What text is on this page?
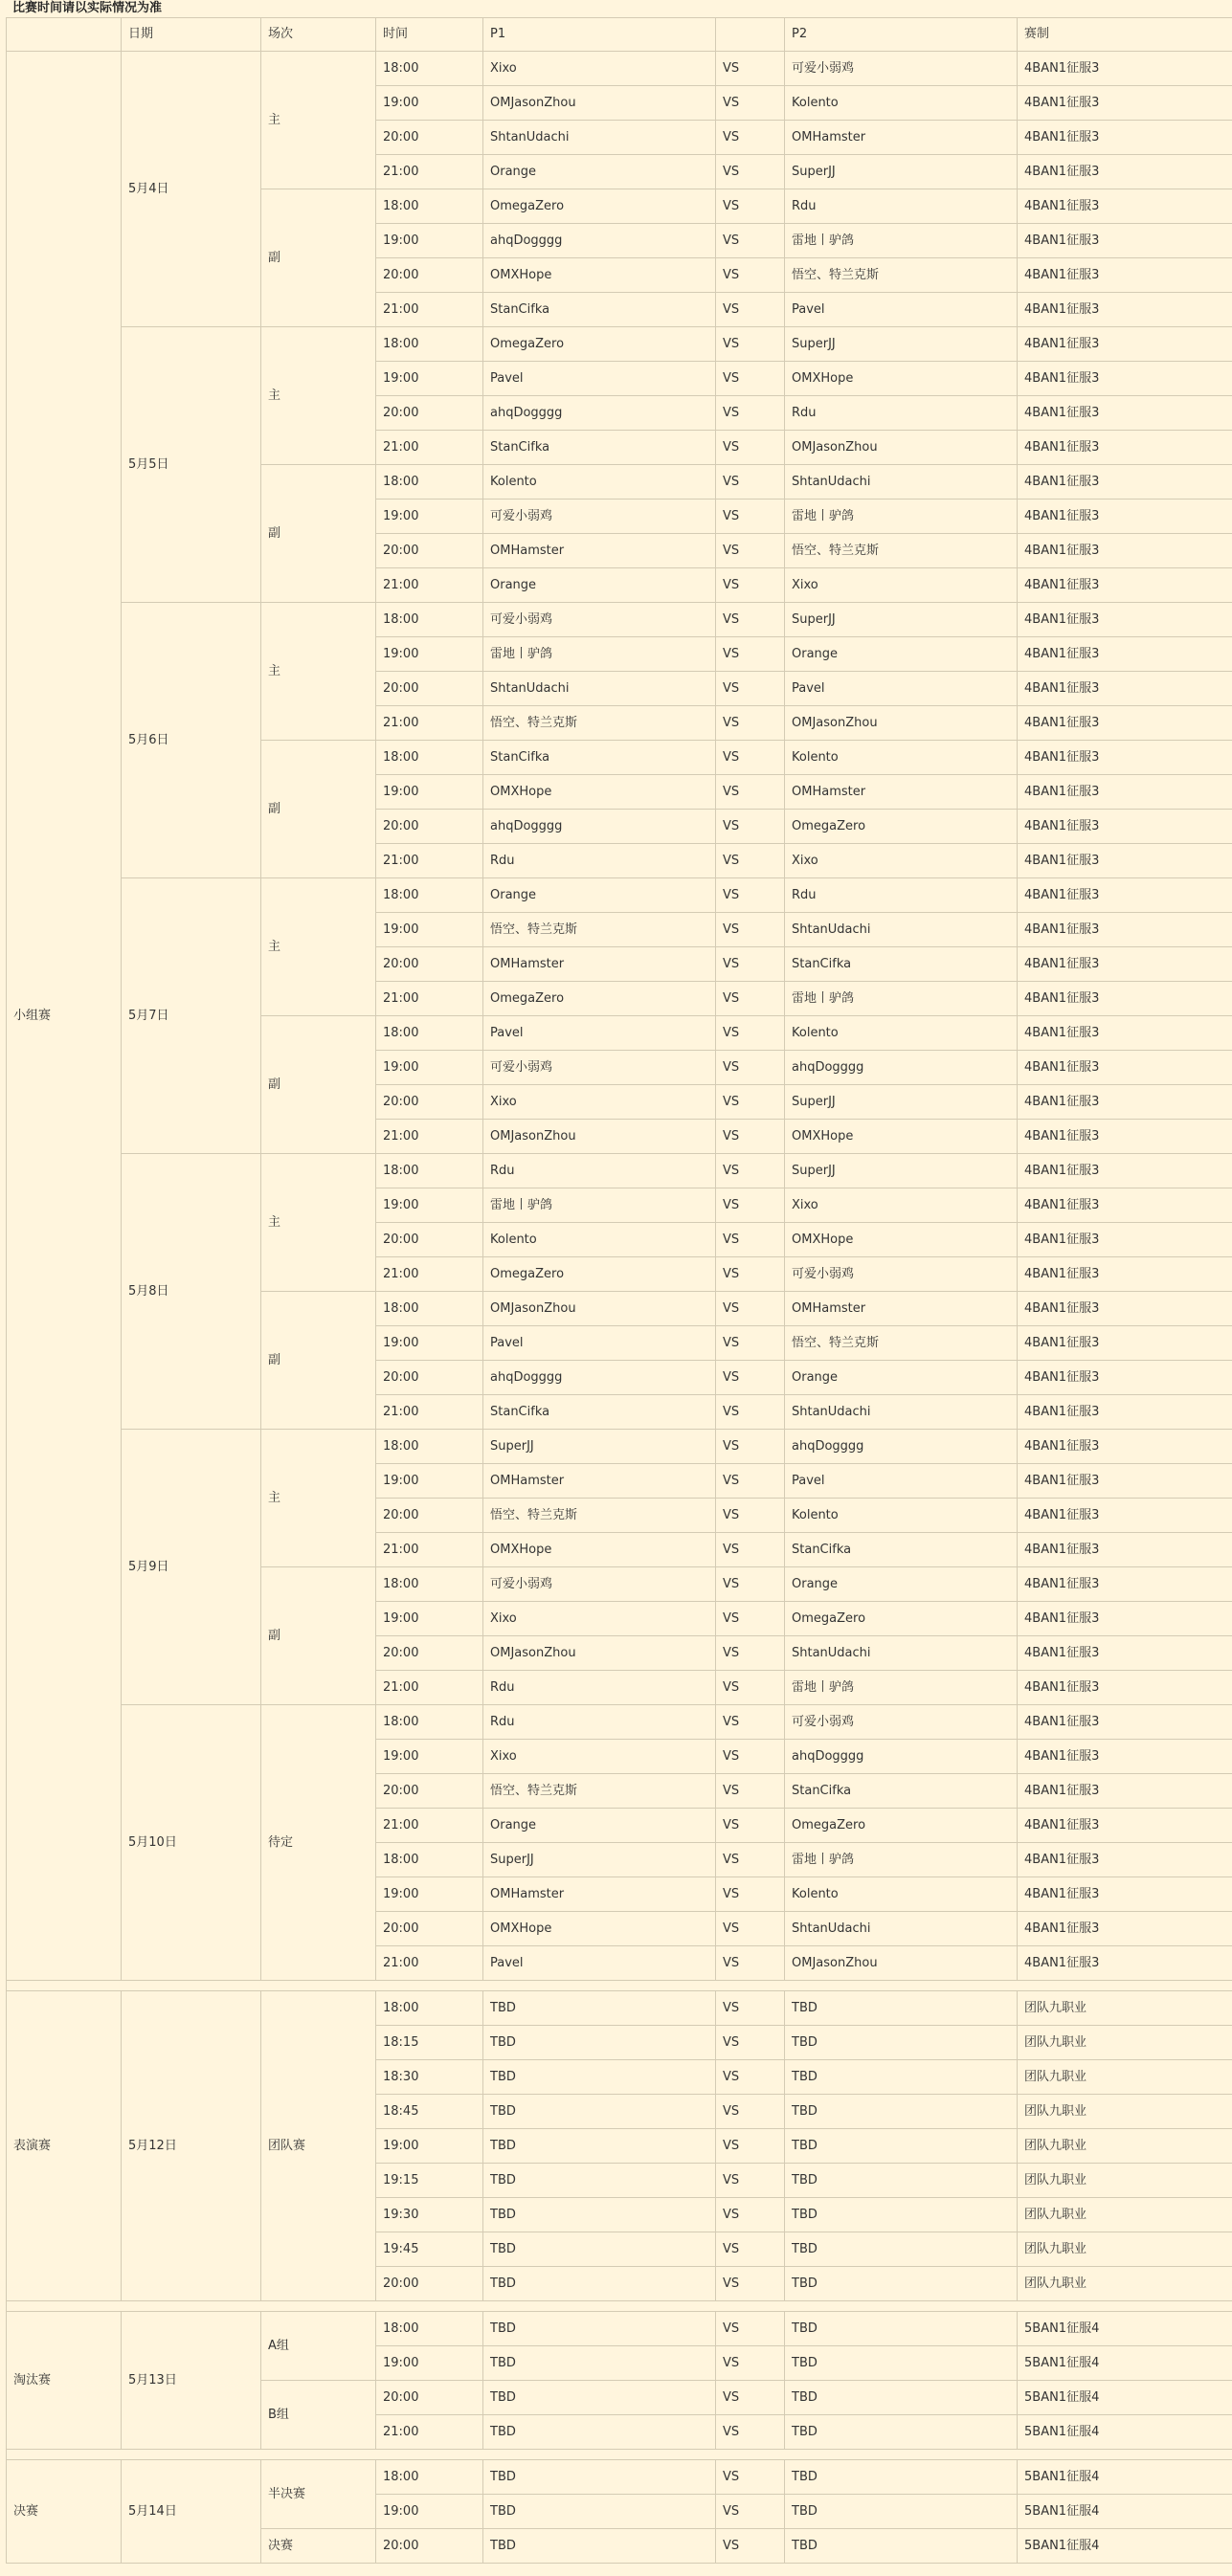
比赛时间请以实际情况为准
	日期	场次	时间	P1		P2	赛制
小组赛	5月4日	主	18:00	Xixo	VS	可爱小弱鸡	4BAN1征服3
			19:00	OMJasonZhou	VS	Kolento	4BAN1征服3
			20:00	ShtanUdachi	VS	OMHamster	4BAN1征服3
			21:00	Orange	VS	SuperJJ	4BAN1征服3
		副	18:00	OmegaZero	VS	Rdu	4BAN1征服3
			19:00	ahqDogggg	VS	雷地丨驴鸽	4BAN1征服3
			20:00	OMXHope	VS	悟空、特兰克斯	4BAN1征服3
			21:00	StanCifka	VS	Pavel	4BAN1征服3
	5月5日	主	18:00	OmegaZero	VS	SuperJJ	4BAN1征服3
			19:00	Pavel	VS	OMXHope	4BAN1征服3
			20:00	ahqDogggg	VS	Rdu	4BAN1征服3
			21:00	StanCifka	VS	OMJasonZhou	4BAN1征服3
		副	18:00	Kolento	VS	ShtanUdachi	4BAN1征服3
			19:00	可爱小弱鸡	VS	雷地丨驴鸽	4BAN1征服3
			20:00	OMHamster	VS	悟空、特兰克斯	4BAN1征服3
			21:00	Orange	VS	Xixo	4BAN1征服3
	5月6日	主	18:00	可爱小弱鸡	VS	SuperJJ	4BAN1征服3
			19:00	雷地丨驴鸽	VS	Orange	4BAN1征服3
			20:00	ShtanUdachi	VS	Pavel	4BAN1征服3
			21:00	悟空、特兰克斯	VS	OMJasonZhou	4BAN1征服3
		副	18:00	StanCifka	VS	Kolento	4BAN1征服3
			19:00	OMXHope	VS	OMHamster	4BAN1征服3
			20:00	ahqDogggg	VS	OmegaZero	4BAN1征服3
			21:00	Rdu	VS	Xixo	4BAN1征服3
	5月7日	主	18:00	Orange	VS	Rdu	4BAN1征服3
			19:00	悟空、特兰克斯	VS	ShtanUdachi	4BAN1征服3
			20:00	OMHamster	VS	StanCifka	4BAN1征服3
			21:00	OmegaZero	VS	雷地丨驴鸽	4BAN1征服3
		副	18:00	Pavel	VS	Kolento	4BAN1征服3
			19:00	可爱小弱鸡	VS	ahqDogggg	4BAN1征服3
			20:00	Xixo	VS	SuperJJ	4BAN1征服3
			21:00	OMJasonZhou	VS	OMXHope	4BAN1征服3
	5月8日	主	18:00	Rdu	VS	SuperJJ	4BAN1征服3
			19:00	雷地丨驴鸽	VS	Xixo	4BAN1征服3
			20:00	Kolento	VS	OMXHope	4BAN1征服3
			21:00	OmegaZero	VS	可爱小弱鸡	4BAN1征服3
		副	18:00	OMJasonZhou	VS	OMHamster	4BAN1征服3
			19:00	Pavel	VS	悟空、特兰克斯	4BAN1征服3
			20:00	ahqDogggg	VS	Orange	4BAN1征服3
			21:00	StanCifka	VS	ShtanUdachi	4BAN1征服3
	5月9日	主	18:00	SuperJJ	VS	ahqDogggg	4BAN1征服3
			19:00	OMHamster	VS	Pavel	4BAN1征服3
			20:00	悟空、特兰克斯	VS	Kolento	4BAN1征服3
			21:00	OMXHope	VS	StanCifka	4BAN1征服3
		副	18:00	可爱小弱鸡	VS	Orange	4BAN1征服3
			19:00	Xixo	VS	OmegaZero	4BAN1征服3
			20:00	OMJasonZhou	VS	ShtanUdachi	4BAN1征服3
			21:00	Rdu	VS	雷地丨驴鸽	4BAN1征服3
	5月10日	待定	18:00	Rdu	VS	可爱小弱鸡	4BAN1征服3
			19:00	Xixo	VS	ahqDogggg	4BAN1征服3
			20:00	悟空、特兰克斯	VS	StanCifka	4BAN1征服3
			21:00	Orange	VS	OmegaZero	4BAN1征服3
			18:00	SuperJJ	VS	雷地丨驴鸽	4BAN1征服3
			19:00	OMHamster	VS	Kolento	4BAN1征服3
			20:00	OMXHope	VS	ShtanUdachi	4BAN1征服3
			21:00	Pavel	VS	OMJasonZhou	4BAN1征服3

表演赛	5月12日	团队赛	18:00	TBD	VS	TBD	团队九职业
			18:15	TBD	VS	TBD	团队九职业
			18:30	TBD	VS	TBD	团队九职业
			18:45	TBD	VS	TBD	团队九职业
			19:00	TBD	VS	TBD	团队九职业
			19:15	TBD	VS	TBD	团队九职业
			19:30	TBD	VS	TBD	团队九职业
			19:45	TBD	VS	TBD	团队九职业
			20:00	TBD	VS	TBD	团队九职业

淘汰赛	5月13日	A组	18:00	TBD	VS	TBD	5BAN1征服4
			19:00	TBD	VS	TBD	5BAN1征服4
		B组	20:00	TBD	VS	TBD	5BAN1征服4
			21:00	TBD	VS	TBD	5BAN1征服4

决赛	5月14日	半决赛	18:00	TBD	VS	TBD	5BAN1征服4
			19:00	TBD	VS	TBD	5BAN1征服4
		决赛	20:00	TBD	VS	TBD	5BAN1征服4
